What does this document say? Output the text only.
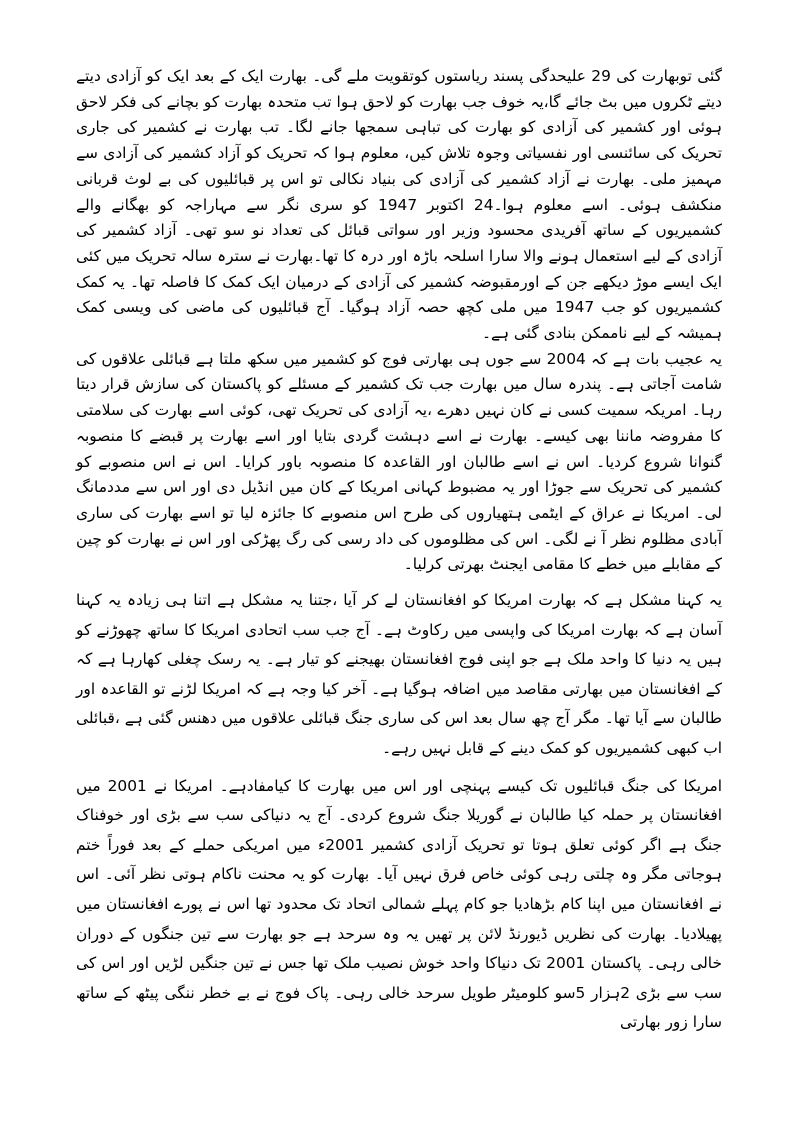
گئی توبھارت کی 29 علیحدگی پسند ریاستوں کوتقویت ملے گی۔ بھارت ایک کے بعد ایک کو آزادی دیتے دیتے ٹکروں میں بٹ جائے گا،یہ خوف جب بھارت کو لاحق ہوا تب متحدہ بھارت کو بچانے کی فکر لاحق ہوئی اور کشمیر کی آزادی کو بھارت کی تباہی سمجھا جانے لگا۔ تب بھارت نے کشمیر کی جاری تحریک کی سائنسی اور نفسیاتی وجوہ تلاش کیں، معلوم ہوا کہ تحریک کو آزاد کشمیر کی آزادی سے مہمیز ملی۔ بھارت نے آزاد کشمیر کی آزادی کی بنیاد نکالی تو اس پر قبائلیوں کی بے لوث قربانی منکشف ہوئی۔ اسے معلوم ہوا۔24 اکتوبر 1947 کو سری نگر سے مہاراجہ کو بھگانے والے کشمیریوں کے ساتھ آفریدی محسود وزیر اور سواتی قبائل کی تعداد نو سو تھی۔ آزاد کشمیر کی آزادی کے لیے استعمال ہونے والا سارا اسلحہ باڑہ اور درہ کا تھا۔بھارت نے سترہ سالہ تحریک میں کئی ایک ایسے موڑ دیکھے جن کے اورمقبوضہ کشمیر کی آزادی کے درمیان ایک کمک کا فاصلہ تھا۔ یہ کمک کشمیریوں کو جب 1947 میں ملی کچھ حصہ آزاد ہوگیا۔ آج قبائلیوں کی ماضی کی ویسی کمک ہمیشہ کے لیے ناممکن بنادی گئی ہے۔

یہ عجیب بات ہے کہ 2004 سے جوں ہی بھارتی فوج کو کشمیر میں سکھ ملتا ہے قبائلی علاقوں کی شامت آجاتی ہے۔ پندرہ سال میں بھارت جب تک کشمیر کے مسئلے کو پاکستان کی سازش قرار دیتا رہا۔ امریکہ سمیت کسی نے کان نہیں دھرے ،یہ آزادی کی تحریک تھی، کوئی اسے بھارت کی سلامتی کا مفروضہ ماننا بھی کیسے۔ بھارت نے اسے دہشت گردی بتایا اور اسے بھارت پر قبضے کا منصوبہ گنوانا شروع کردیا۔ اس نے اسے طالبان اور القاعدہ کا منصوبہ باور کرایا۔ اس نے اس منصوبے کو کشمیر کی تحریک سے جوڑا اور یہ مضبوط کہانی امریکا کے کان میں انڈیل دی اور اس سے مددمانگ لی۔ امریکا نے عراق کے ایٹمی ہتھیاروں کی طرح اس منصوبے کا جائزہ لیا تو اسے بھارت کی ساری آبادی مظلوم نظر آ نے لگی۔ اس کی مظلوموں کی داد رسی کی رگ پھڑکی اور اس نے بھارت کو چین کے مقابلے میں خطے کا مقامی ایجنٹ بھرتی کرلیا۔

یہ کہنا مشکل ہے کہ بھارت امریکا کو افغانستان لے کر آیا ،جتنا یہ مشکل ہے اتنا ہی زیادہ یہ کہنا آسان ہے کہ بھارت امریکا کی واپسی میں رکاوٹ ہے۔ آج جب سب اتحادی امریکا کا ساتھ چھوڑنے کو ہیں یہ دنیا کا واحد ملک ہے جو اپنی فوج افغانستان بھیجنے کو تیار ہے۔ یہ رسک چغلی کھارہا ہے کہ کے افغانستان میں بھارتی مقاصد میں اضافہ ہوگیا ہے۔ آخر کیا وجہ ہے کہ امریکا لڑنے تو القاعدہ اور طالبان سے آیا تھا۔ مگر آج چھ سال بعد اس کی ساری جنگ قبائلی علاقوں میں دھنس گئی ہے ،قبائلی اب کبھی کشمیریوں کو کمک دینے کے قابل نہیں رہے۔

امریکا کی جنگ قبائلیوں تک کیسے پہنچی اور اس میں بھارت کا کیامفادہے۔ امریکا نے 2001 میں افغانستان پر حملہ کیا طالبان نے گوریلا جنگ شروع کردی۔ آج یہ دنیاکی سب سے بڑی اور خوفناک جنگ ہے اگر کوئی تعلق ہوتا تو تحریک آزادی کشمیر 2001ء میں امریکی حملے کے بعد فوراً ختم ہوجاتی مگر وہ چلتی رہی کوئی خاص فرق نہیں آیا۔ بھارت کو یہ محنت ناکام ہوتی نظر آئی۔ اس نے افغانستان میں اپنا کام بڑھادیا جو کام پہلے شمالی اتحاد تک محدود تھا اس نے پورے افغانستان میں پھیلادیا۔ بھارت کی نظریں ڈیورنڈ لائن پر تھیں یہ وہ سرحد ہے جو بھارت سے تین جنگوں کے دوران خالی رہی۔ پاکستان 2001 تک دنیاکا واحد خوش نصیب ملک تھا جس نے تین جنگیں لڑیں اور اس کی سب سے بڑی 2ہزار 5سو کلومیٹر طویل سرحد خالی رہی۔ پاک فوج نے بے خطر ننگی پیٹھ کے ساتھ سارا زور بھارتی
